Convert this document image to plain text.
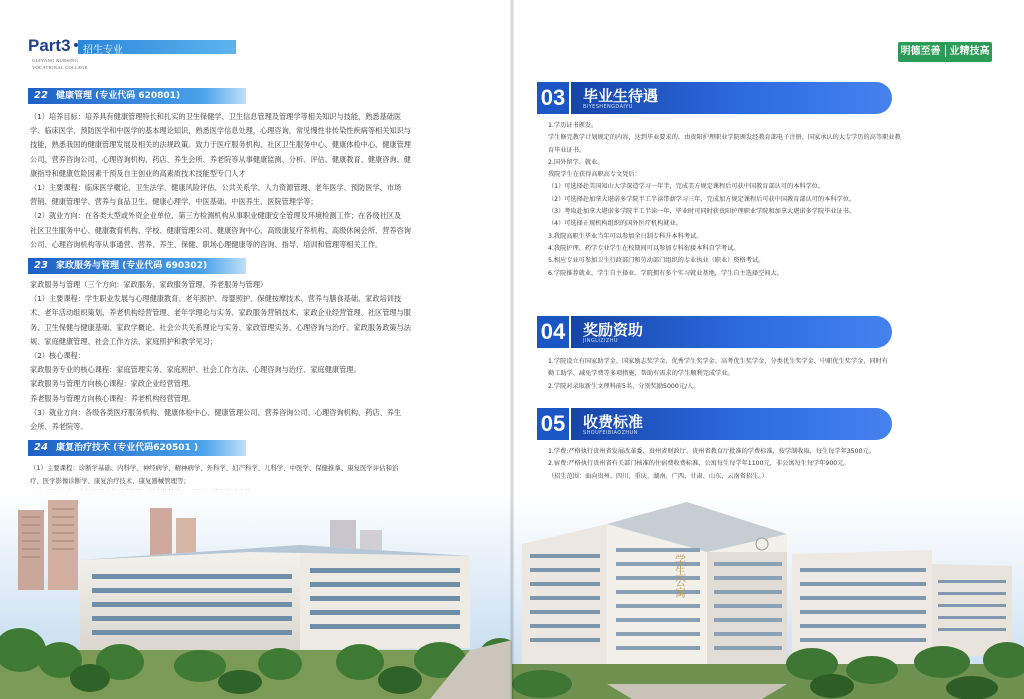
Part3	招生专业
GUIYANG NURSING
VOCATIONAL COLLEGE
22 健康管理 (专业代码 620801)

（1）培养目标：培养具有健康管理特长和扎实的卫生保健学、卫生信息管理及管理学等相关知识与技能，熟悉基础医

学、临床医学、预防医学和中医学的基本理论知识，熟悉医学信息处理，心理咨询，常见慢性非传染性疾病等相关知识与

技能，熟悉我国的健康管理发展及相关的法规政策。致力于医疗服务机构、社区卫生服务中心、健康体检中心、健康管理

公司、营养咨询公司、心理咨询机构、药店、养生会所、养老院等从事健康监测、分析、评估、健康教育、健康咨询、健

康指导和健康危险因素干预及自主创业的高素质技术技能型专门人才

（1）主要课程：临床医学概论、卫生法学、健康风险评估、公共关系学、人力资源管理、老年医学、预防医学、市场

营销、健康管理学、营养与食品卫生、健康心理学、中医基础、中医养生、医院管理学等；

（2）就业方向：在各类大型或外资企业单位、第三方检测机构从事职业健康安全管理及环境检测工作；在各级社区及

社区卫生服务中心、健康教育机构、学校、健康管理公司、健康咨询中心、高级康复疗养机构、高级休闲会所、营养咨询

公司、心理咨询机构等从事通营、营养、养生、保健、职场心理健康等的咨询、指导、培训和管理等相关工作。

23 家政服务与管理 (专业代码 690302)

家政服务与管理（三个方向：家政服务、家政服务管理、养老服务与管理）

（1）主要课程：学生职业发展与心理健康教育、老年照护、母婴照护、保健按摩技术、营养与膳食基础、家政培训技

术、老年活动组织策划、养老机构经营管理、老年学理论与实务、家政服务营销技术、家政企业经营管理、社区管理与服

务、卫生保健与健康基础、家政学概论、社会公共关系理论与实务、家政管理实务、心理咨询与治疗、家政服务政策与法

规、家庭健康管理、社会工作方法、家庭照护和教学见习；

（2）核心课程：

家政服务专业的核心课程：家庭管理实务、家庭照护、社会工作方法、心理咨询与治疗、家庭健康管理。

家政服务与管理方向核心课程：家政企业经营管理。

养老服务与管理方向核心课程：养老机构经营管理。

（3）就业方向：各级各类医疗服务机构、健康体检中心、健康管理公司、营养咨询公司、心理咨询机构、药店、养生

会所、养老院等。

24 康复治疗技术 (专业代码620501 )

（1）主要课程：诊断学基础、内科学、神经病学、精神病学、外科学、妇产科学、儿科学、中医学、保健推拿、康复医学评估和治

疗、医学影像诊断学、康复治疗技术、康复器械管理等；

明德至善 业精技高
03 毕业生待遇
BIYESHENGDAIYU

1.学历证书颁发。

学生修完教学计划规定的内容，达到毕业要求的，由贵阳护理职业学院颁发经教育部电子注册、国家承认的大专学历的高等职业教

育毕业证书。

2.国外留学、就业。

我院学生在获得高职高专文凭后：

（1）可选择赴美国知山大学深造学习一年半，完成美方规定课程后可获中国教育部认可的本科学位。

（2）可选择赴加拿大堪诺多学院半工半读带薪学习三年，完成加方规定课程后可获中国教育部认可的本科学位。

（3）考取赴加拿大堪诺多学院半工半读一年，毕业时可同时获贵阳护理职业学院和加拿大堪诺多学院毕业证书。

（4）可选择正规机构组织的国外医疗机构就业。

3.我院高职生毕业当年可以参加全日制专科升本科考试。

4.我院护理、药学专业学生在校期间可以参加专科衔接本科自学考试。

5.相应专业可参加卫生行政部门和劳动部门组织的专业执业（职业）资格考试。

6.学院推荐就业，学生自主择业。学院拥有多个实习就业基地，学生自主选择空间大。

04 奖励资助
JINGLIZIZHU

1.学院设立有国家助学金、国家励志奖学金、优秀学生奖学金、高考优生奖学金、分类优生奖学金、中职优生奖学金，同时有

勤工助学、减免学费等多项措施，帮助有需求的学生顺利完成学业。

2.学院对录取新生文理科前5名，分别奖励5000元/人。

05 收费标准
SHOUFEIBIAOZHUN

1.学费:严格执行贵州省发展改革委、贵州省财政厅、贵州省教育厅批准的学费标准，按学制收取，每生每学年3500元。

2.宿费:严格执行贵州省有关部门核准的住宿费收费标准，公寓每生每学年1100元，非公寓每生每学年900元。

（招生范围：面向贵州、四川、重庆、湖南、广西、甘肃、山东、云南省招生。）

学生公寓
